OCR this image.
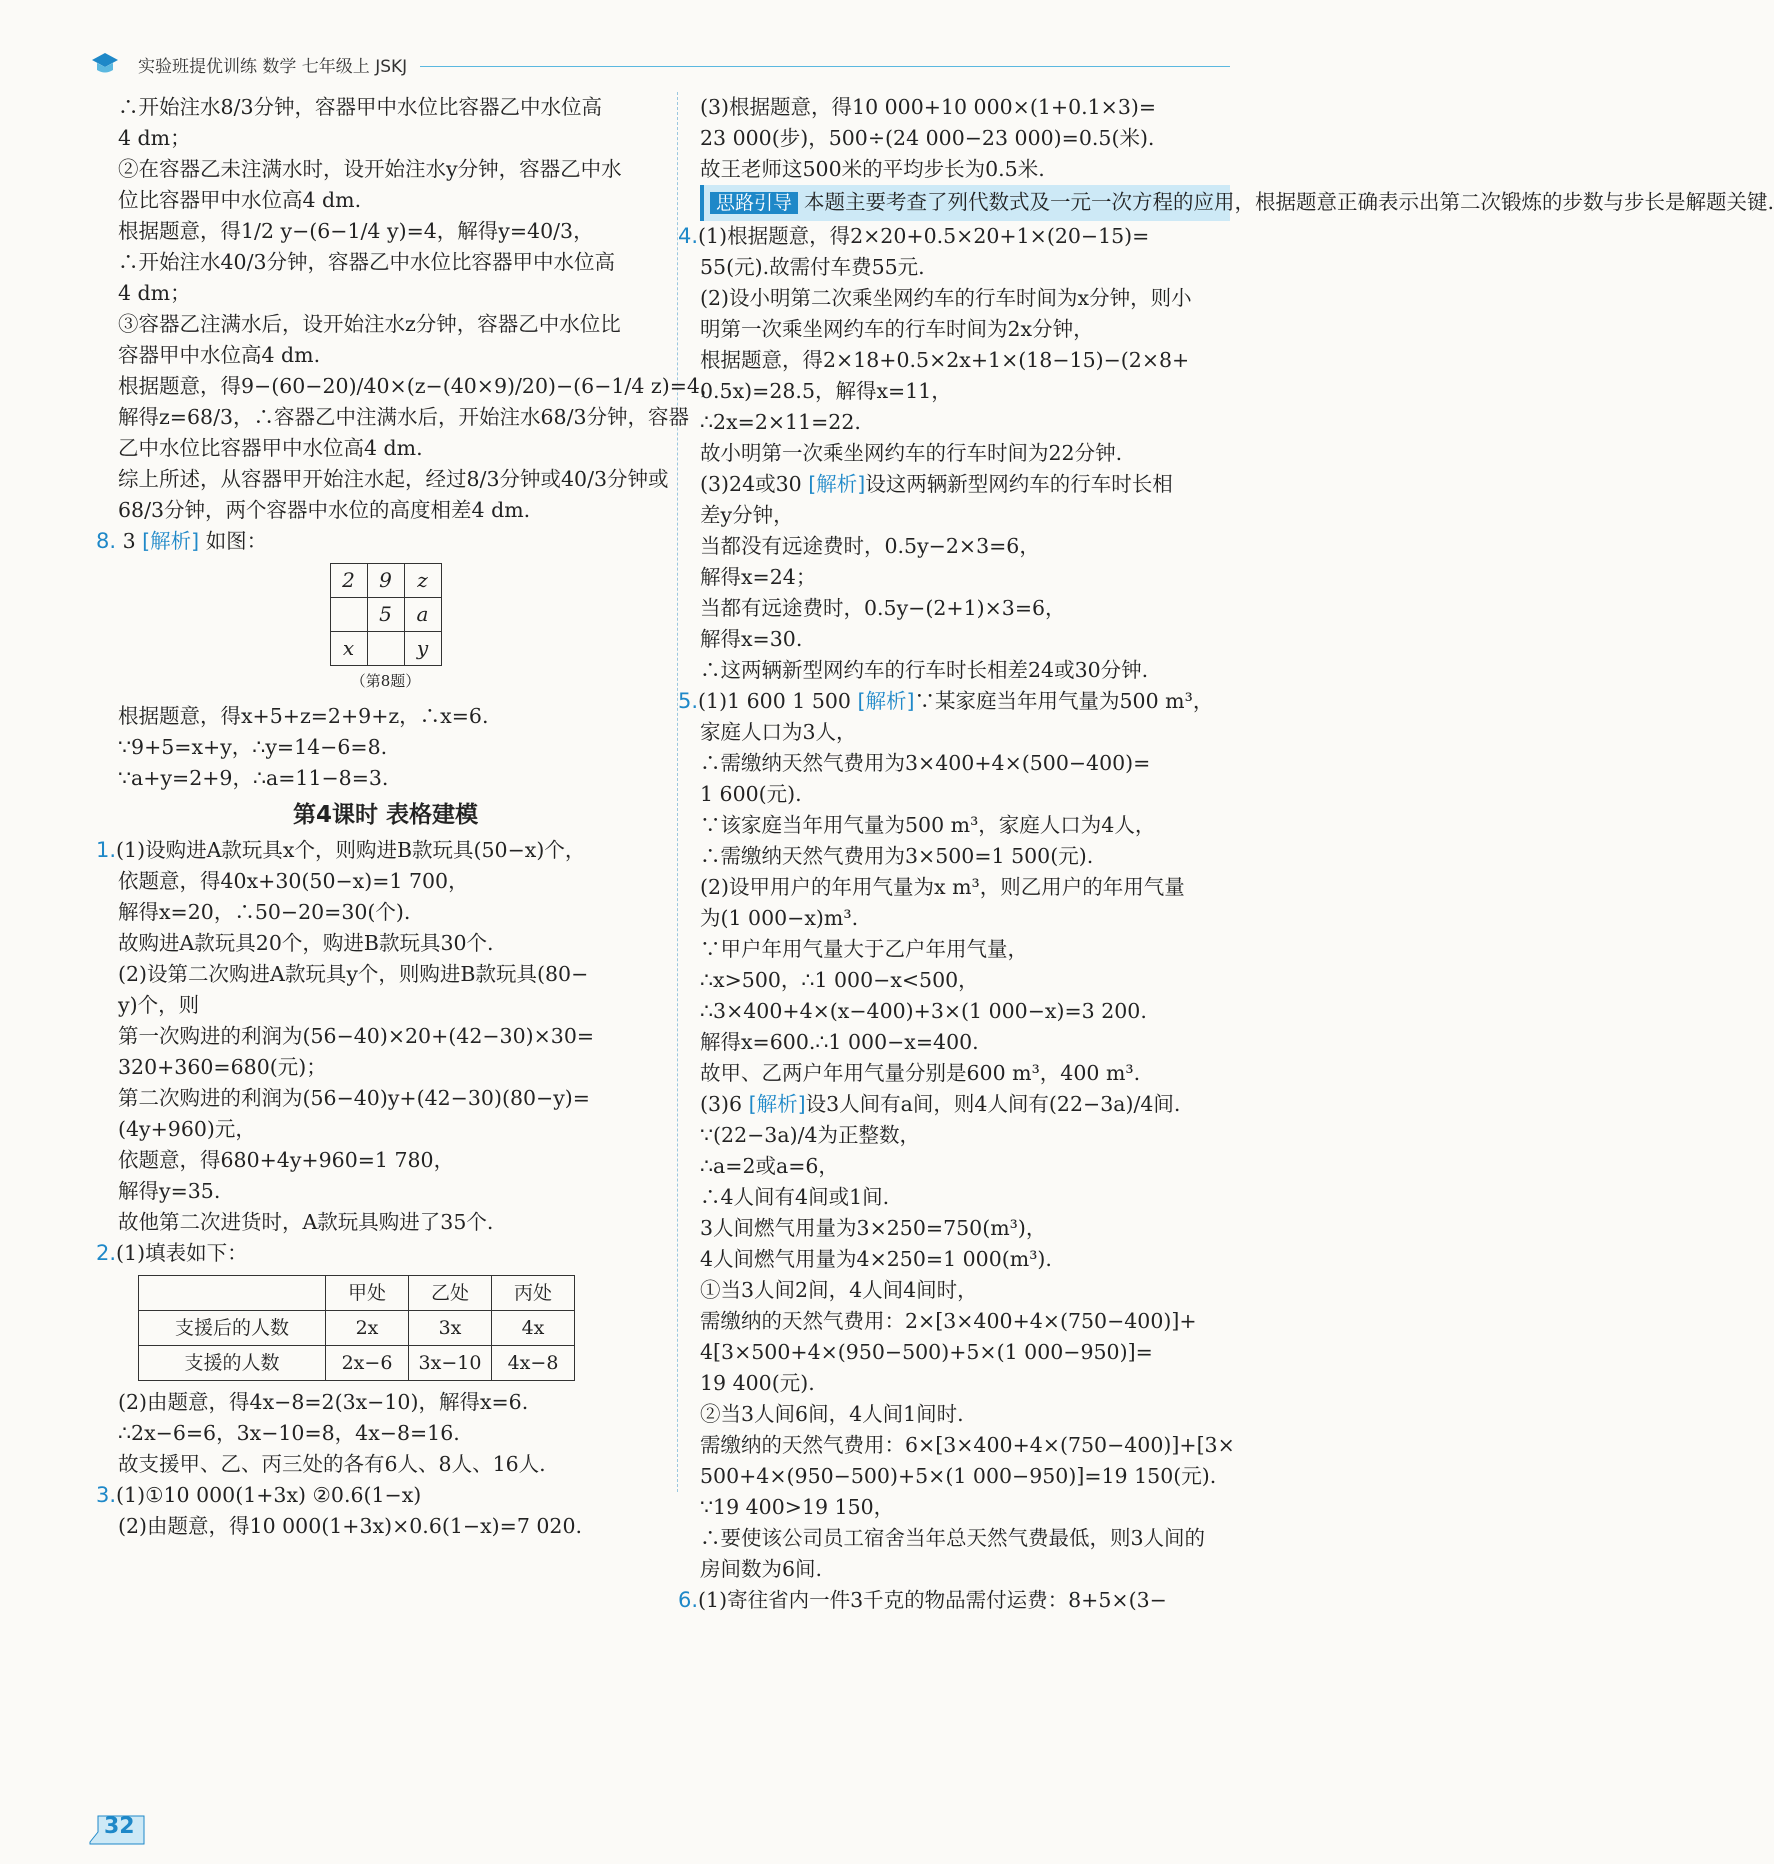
实验班提优训练 数学 七年级上 JSKJ

∴开始注水8/3分钟，容器甲中水位比容器乙中水位高

4 dm；

②在容器乙未注满水时，设开始注水y分钟，容器乙中水

位比容器甲中水位高4 dm.

根据题意，得1/2 y−(6−1/4 y)=4，解得y=40/3，

∴开始注水40/3分钟，容器乙中水位比容器甲中水位高

4 dm；

③容器乙注满水后，设开始注水z分钟，容器乙中水位比

容器甲中水位高4 dm.

根据题意，得9−(60−20)/40×(z−(40×9)/20)−(6−1/4 z)=4，

解得z=68/3，∴容器乙中注满水后，开始注水68/3分钟，容器

乙中水位比容器甲中水位高4 dm.

综上所述，从容器甲开始注水起，经过8/3分钟或40/3分钟或

68/3分钟，两个容器中水位的高度相差4 dm.

8. 3 [解析] 如图：

2	9	z
	5	a
x		y
（第8题）

根据题意，得x+5+z=2+9+z，∴x=6.

∵9+5=x+y，∴y=14−6=8.

∵a+y=2+9，∴a=11−8=3.

第4课时 表格建模

1.(1)设购进A款玩具x个，则购进B款玩具(50−x)个，

依题意，得40x+30(50−x)=1 700，

解得x=20，∴50−20=30(个).

故购进A款玩具20个，购进B款玩具30个.

(2)设第二次购进A款玩具y个，则购进B款玩具(80−

y)个，则

第一次购进的利润为(56−40)×20+(42−30)×30=

320+360=680(元)；

第二次购进的利润为(56−40)y+(42−30)(80−y)=

(4y+960)元，

依题意，得680+4y+960=1 780，

解得y=35.

故他第二次进货时，A款玩具购进了35个.

2.(1)填表如下：

	甲处	乙处	丙处
支援后的人数	2x	3x	4x
支援的人数	2x−6	3x−10	4x−8

(2)由题意，得4x−8=2(3x−10)，解得x=6.

∴2x−6=6，3x−10=8，4x−8=16.

故支援甲、乙、丙三处的各有6人、8人、16人.

3.(1)①10 000(1+3x) ②0.6(1−x)

(2)由题意，得10 000(1+3x)×0.6(1−x)=7 020.

(3)根据题意，得10 000+10 000×(1+0.1×3)=

23 000(步)，500÷(24 000−23 000)=0.5(米).

故王老师这500米的平均步长为0.5米.

思路引导 本题主要考查了列代数式及一元一次方程的应用，根据题意正确表示出第二次锻炼的步数与步长是解题关键.

4.(1)根据题意，得2×20+0.5×20+1×(20−15)=

55(元).故需付车费55元.

(2)设小明第二次乘坐网约车的行车时间为x分钟，则小

明第一次乘坐网约车的行车时间为2x分钟，

根据题意，得2×18+0.5×2x+1×(18−15)−(2×8+

0.5x)=28.5，解得x=11，

∴2x=2×11=22.

故小明第一次乘坐网约车的行车时间为22分钟.

(3)24或30 [解析]设这两辆新型网约车的行车时长相

差y分钟，

当都没有远途费时，0.5y−2×3=6，

解得x=24；

当都有远途费时，0.5y−(2+1)×3=6，

解得x=30.

∴这两辆新型网约车的行车时长相差24或30分钟.

5.(1)1 600 1 500 [解析]∵某家庭当年用气量为500 m³，

家庭人口为3人，

∴需缴纳天然气费用为3×400+4×(500−400)=

1 600(元).

∵该家庭当年用气量为500 m³，家庭人口为4人，

∴需缴纳天然气费用为3×500=1 500(元).

(2)设甲用户的年用气量为x m³，则乙用户的年用气量

为(1 000−x)m³.

∵甲户年用气量大于乙户年用气量，

∴x>500，∴1 000−x<500，

∴3×400+4×(x−400)+3×(1 000−x)=3 200.

解得x=600.∴1 000−x=400.

故甲、乙两户年用气量分别是600 m³，400 m³.

(3)6 [解析]设3人间有a间，则4人间有(22−3a)/4间.

∵(22−3a)/4为正整数，

∴a=2或a=6，

∴4人间有4间或1间.

3人间燃气用量为3×250=750(m³)，

4人间燃气用量为4×250=1 000(m³).

①当3人间2间，4人间4间时，

需缴纳的天然气费用：2×[3×400+4×(750−400)]+

4[3×500+4×(950−500)+5×(1 000−950)]=

19 400(元).

②当3人间6间，4人间1间时.

需缴纳的天然气费用：6×[3×400+4×(750−400)]+[3×

500+4×(950−500)+5×(1 000−950)]=19 150(元).

∵19 400>19 150，

∴要使该公司员工宿舍当年总天然气费最低，则3人间的

房间数为6间.

6.(1)寄往省内一件3千克的物品需付运费：8+5×(3−

32
